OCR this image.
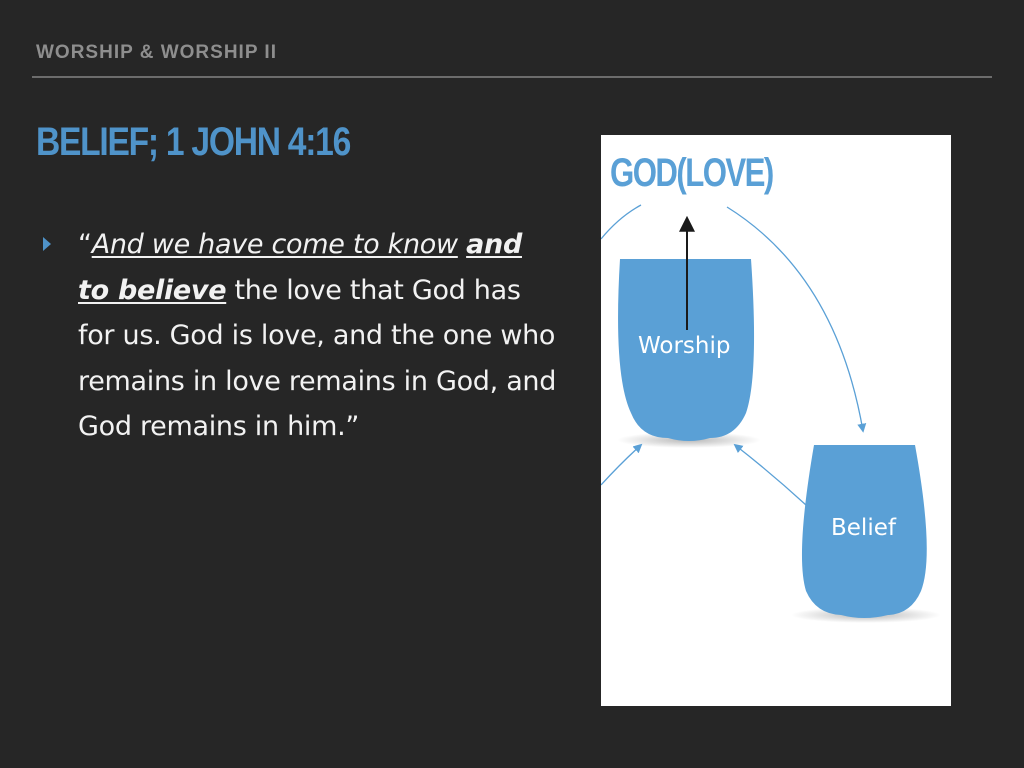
WORSHIP & WORSHIP II
BELIEF; 1 JOHN 4:16
“And we have come to know and to believe the love that God has for us. God is love, and the one who remains in love remains in God, and God remains in him.”
GOD(LOVE)
Worship
Belief
